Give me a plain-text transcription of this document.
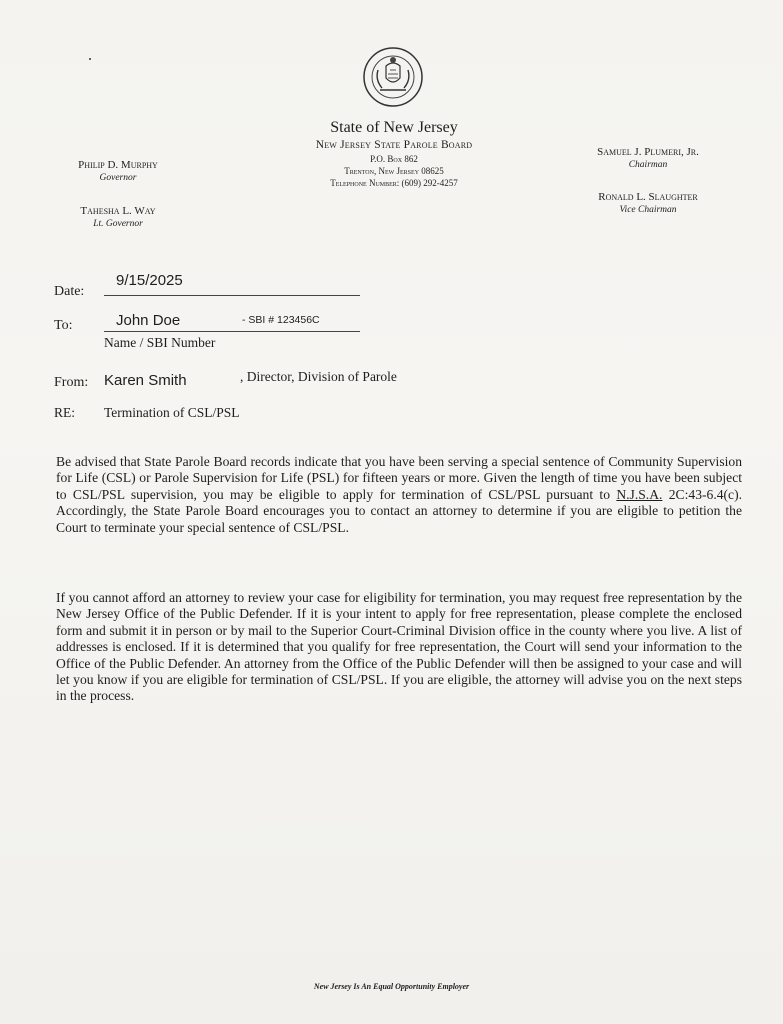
State of New Jersey
New Jersey State Parole Board
P.O. Box 862
Trenton, New Jersey 08625
Telephone Number: (609) 292-4257
Philip D. Murphy
Governor
Tahesha L. Way
Lt. Governor
Samuel J. Plumeri, Jr.
Chairman
Ronald L. Slaughter
Vice Chairman
Date:
9/15/2025
To:	John Doe	- SBI # 123456C
Name / SBI Number
From: Karen Smith	, Director, Division of Parole
RE: Termination of CSL/PSL
Be advised that State Parole Board records indicate that you have been serving a special sentence of Community Supervision for Life (CSL) or Parole Supervision for Life (PSL) for fifteen years or more. Given the length of time you have been subject to CSL/PSL supervision, you may be eligible to apply for termination of CSL/PSL pursuant to N.J.S.A. 2C:43-6.4(c). Accordingly, the State Parole Board encourages you to contact an attorney to determine if you are eligible to petition the Court to terminate your special sentence of CSL/PSL.
If you cannot afford an attorney to review your case for eligibility for termination, you may request free representation by the New Jersey Office of the Public Defender. If it is your intent to apply for free representation, please complete the enclosed form and submit it in person or by mail to the Superior Court-Criminal Division office in the county where you live. A list of addresses is enclosed. If it is determined that you qualify for free representation, the Court will send your information to the Office of the Public Defender. An attorney from the Office of the Public Defender will then be assigned to your case and will let you know if you are eligible for termination of CSL/PSL. If you are eligible, the attorney will advise you on the next steps in the process.
New Jersey Is An Equal Opportunity Employer
